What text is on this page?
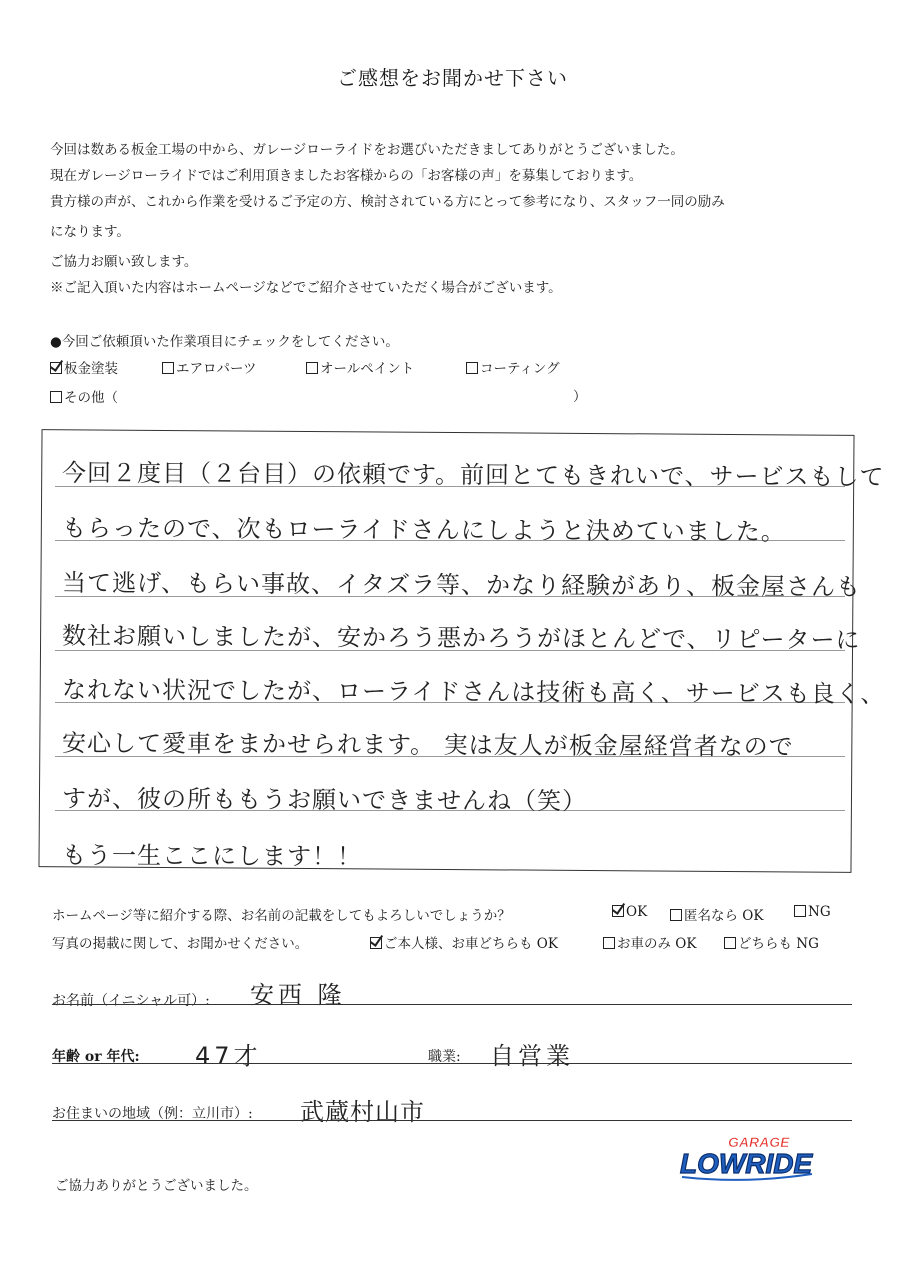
ご感想をお聞かせ下さい
今回は数ある板金工場の中から、ガレージローライドをお選びいただきましてありがとうございました。
現在ガレージローライドではご利用頂きましたお客様からの「お客様の声」を募集しております。
貴方様の声が、これから作業を受けるご予定の方、検討されている方にとって参考になり、スタッフ一同の励み
になります。
ご協力お願い致します。
※ご記入頂いた内容はホームページなどでご紹介させていただく場合がございます。
●今回ご依頼頂いた作業項目にチェックをしてください。
板金塗装	エアロパーツ	オールペイント	コーティング
その他（	）
今回２度目（２台目）の依頼です。前回とてもきれいで、サービスもして
もらったので、次もローライドさんにしようと決めていました。
当て逃げ、もらい事故、イタズラ等、かなり経験があり、板金屋さんも
数社お願いしましたが、安かろう悪かろうがほとんどで、リピーターに
なれない状況でしたが、ローライドさんは技術も高く、サービスも良く、
安心して愛車をまかせられます。 実は友人が板金屋経営者なので
すが、彼の所ももうお願いできませんね（笑）
もう一生ここにします！！
ホームページ等に紹介する際、お名前の記載をしてもよろしいでしょうか？	OK	匿名なら OK	NG
写真の掲載に関して、お聞かせください。	ご本人様、お車どちらも OK	お車のみ OK	どちらも NG
お名前（イニシャル可）: 安西 隆
年齢 or 年代: 47才	職業: 自営業
お住まいの地域（例：立川市）: 武蔵村山市
GARAGE
LOWRIDE
ご協力ありがとうございました。
